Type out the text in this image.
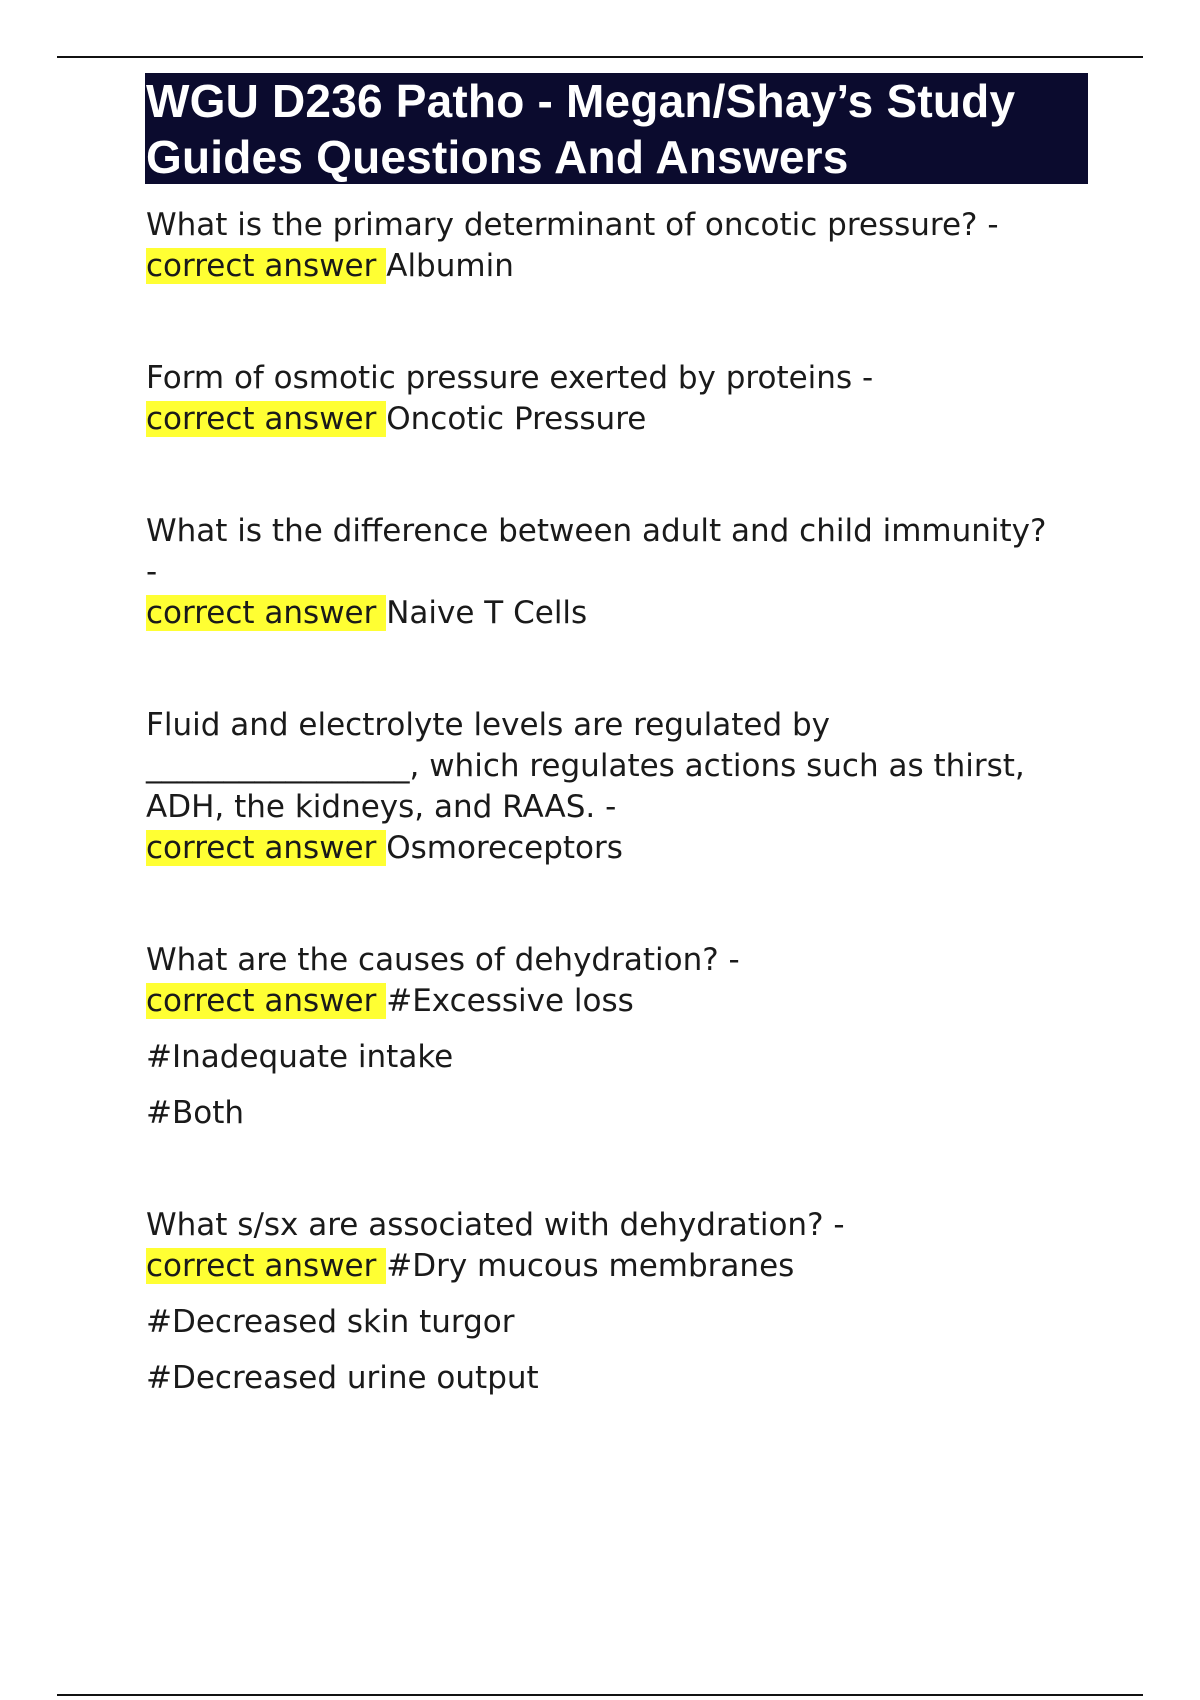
WGU D236 Patho - Megan/Shay’s Study
Guides Questions And Answers
What is the primary determinant of oncotic pressure? -
correct answer Albumin
Form of osmotic pressure exerted by proteins -
correct answer Oncotic Pressure
What is the difference between adult and child immunity?
-
correct answer Naive T Cells
Fluid and electrolyte levels are regulated by
_________________, which regulates actions such as thirst,
ADH, the kidneys, and RAAS. -
correct answer Osmoreceptors
What are the causes of dehydration? -
correct answer #Excessive loss
#Inadequate intake
#Both
What s/sx are associated with dehydration? -
correct answer #Dry mucous membranes
#Decreased skin turgor
#Decreased urine output
